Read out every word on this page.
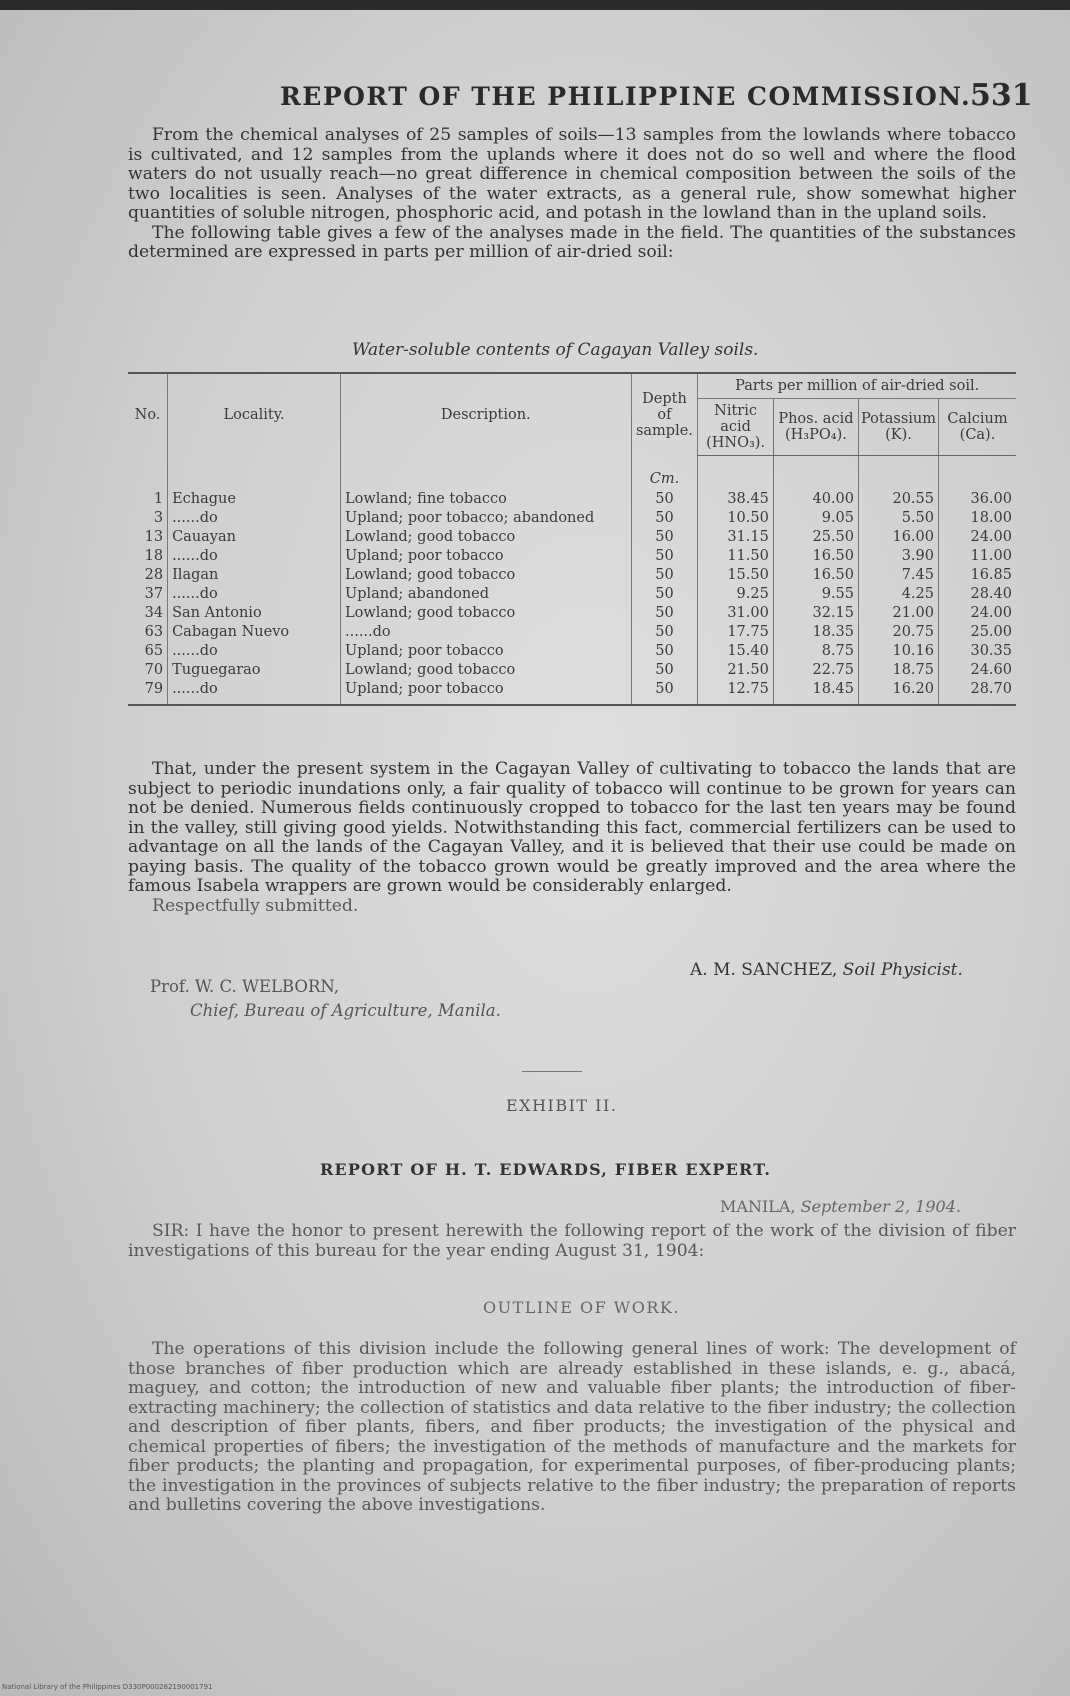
REPORT OF THE PHILIPPINE COMMISSION.
531

From the chemical analyses of 25 samples of soils—13 samples from the lowlands where tobacco is cultivated, and 12 samples from the uplands where it does not do so well and where the flood waters do not usually reach—no great difference in chemical composition between the soils of the two localities is seen. Analyses of the water extracts, as a general rule, show somewhat higher quantities of soluble nitrogen, phosphoric acid, and potash in the lowland than in the upland soils.

The following table gives a few of the analyses made in the field. The quantities of the substances determined are expressed in parts per million of air-dried soil:

Water-soluble contents of Cagayan Valley soils.
No.	Locality.	Description.	Depth of sample.	Parts per million of air-dried soil.			
				Nitric acid (HNO₃).	Phos. acid (H₃PO₄).	Potassium (K).	Calcium (Ca).
			Cm.				
1	Echague	Lowland; fine tobacco	50	38.45	40.00	20.55	36.00
3	......do	Upland; poor tobacco; abandoned	50	10.50	9.05	5.50	18.00
13	Cauayan	Lowland; good tobacco	50	31.15	25.50	16.00	24.00
18	......do	Upland; poor tobacco	50	11.50	16.50	3.90	11.00
28	Ilagan	Lowland; good tobacco	50	15.50	16.50	7.45	16.85
37	......do	Upland; abandoned	50	9.25	9.55	4.25	28.40
34	San Antonio	Lowland; good tobacco	50	31.00	32.15	21.00	24.00
63	Cabagan Nuevo	......do	50	17.75	18.35	20.75	25.00
65	......do	Upland; poor tobacco	50	15.40	8.75	10.16	30.35
70	Tuguegarao	Lowland; good tobacco	50	21.50	22.75	18.75	24.60
79	......do	Upland; poor tobacco	50	12.75	18.45	16.20	28.70

That, under the present system in the Cagayan Valley of cultivating to tobacco the lands that are subject to periodic inundations only, a fair quality of tobacco will continue to be grown for years can not be denied. Numerous fields continuously cropped to tobacco for the last ten years may be found in the valley, still giving good yields. Notwithstanding this fact, commercial fertilizers can be used to advantage on all the lands of the Cagayan Valley, and it is believed that their use could be made on paying basis. The quality of the tobacco grown would be greatly improved and the area where the famous Isabela wrappers are grown would be considerably enlarged.

Respectfully submitted.

A. M. SANCHEZ, Soil Physicist.
Prof. W. C. WELBORN,
Chief, Bureau of Agriculture, Manila.
EXHIBIT II.
REPORT OF H. T. EDWARDS, FIBER EXPERT.
MANILA, September 2, 1904.

SIR: I have the honor to present herewith the following report of the work of the division of fiber investigations of this bureau for the year ending August 31, 1904:

OUTLINE OF WORK.

The operations of this division include the following general lines of work: The development of those branches of fiber production which are already established in these islands, e. g., abacá, maguey, and cotton; the introduction of new and valuable fiber plants; the introduction of fiber-extracting machinery; the collection of statistics and data relative to the fiber industry; the collection and description of fiber plants, fibers, and fiber products; the investigation of the physical and chemical properties of fibers; the investigation of the methods of manufacture and the markets for fiber products; the planting and propagation, for experimental purposes, of fiber-producing plants; the investigation in the provinces of subjects relative to the fiber industry; the preparation of reports and bulletins covering the above investigations.

National Library of the Philippines D330P000282190001791
